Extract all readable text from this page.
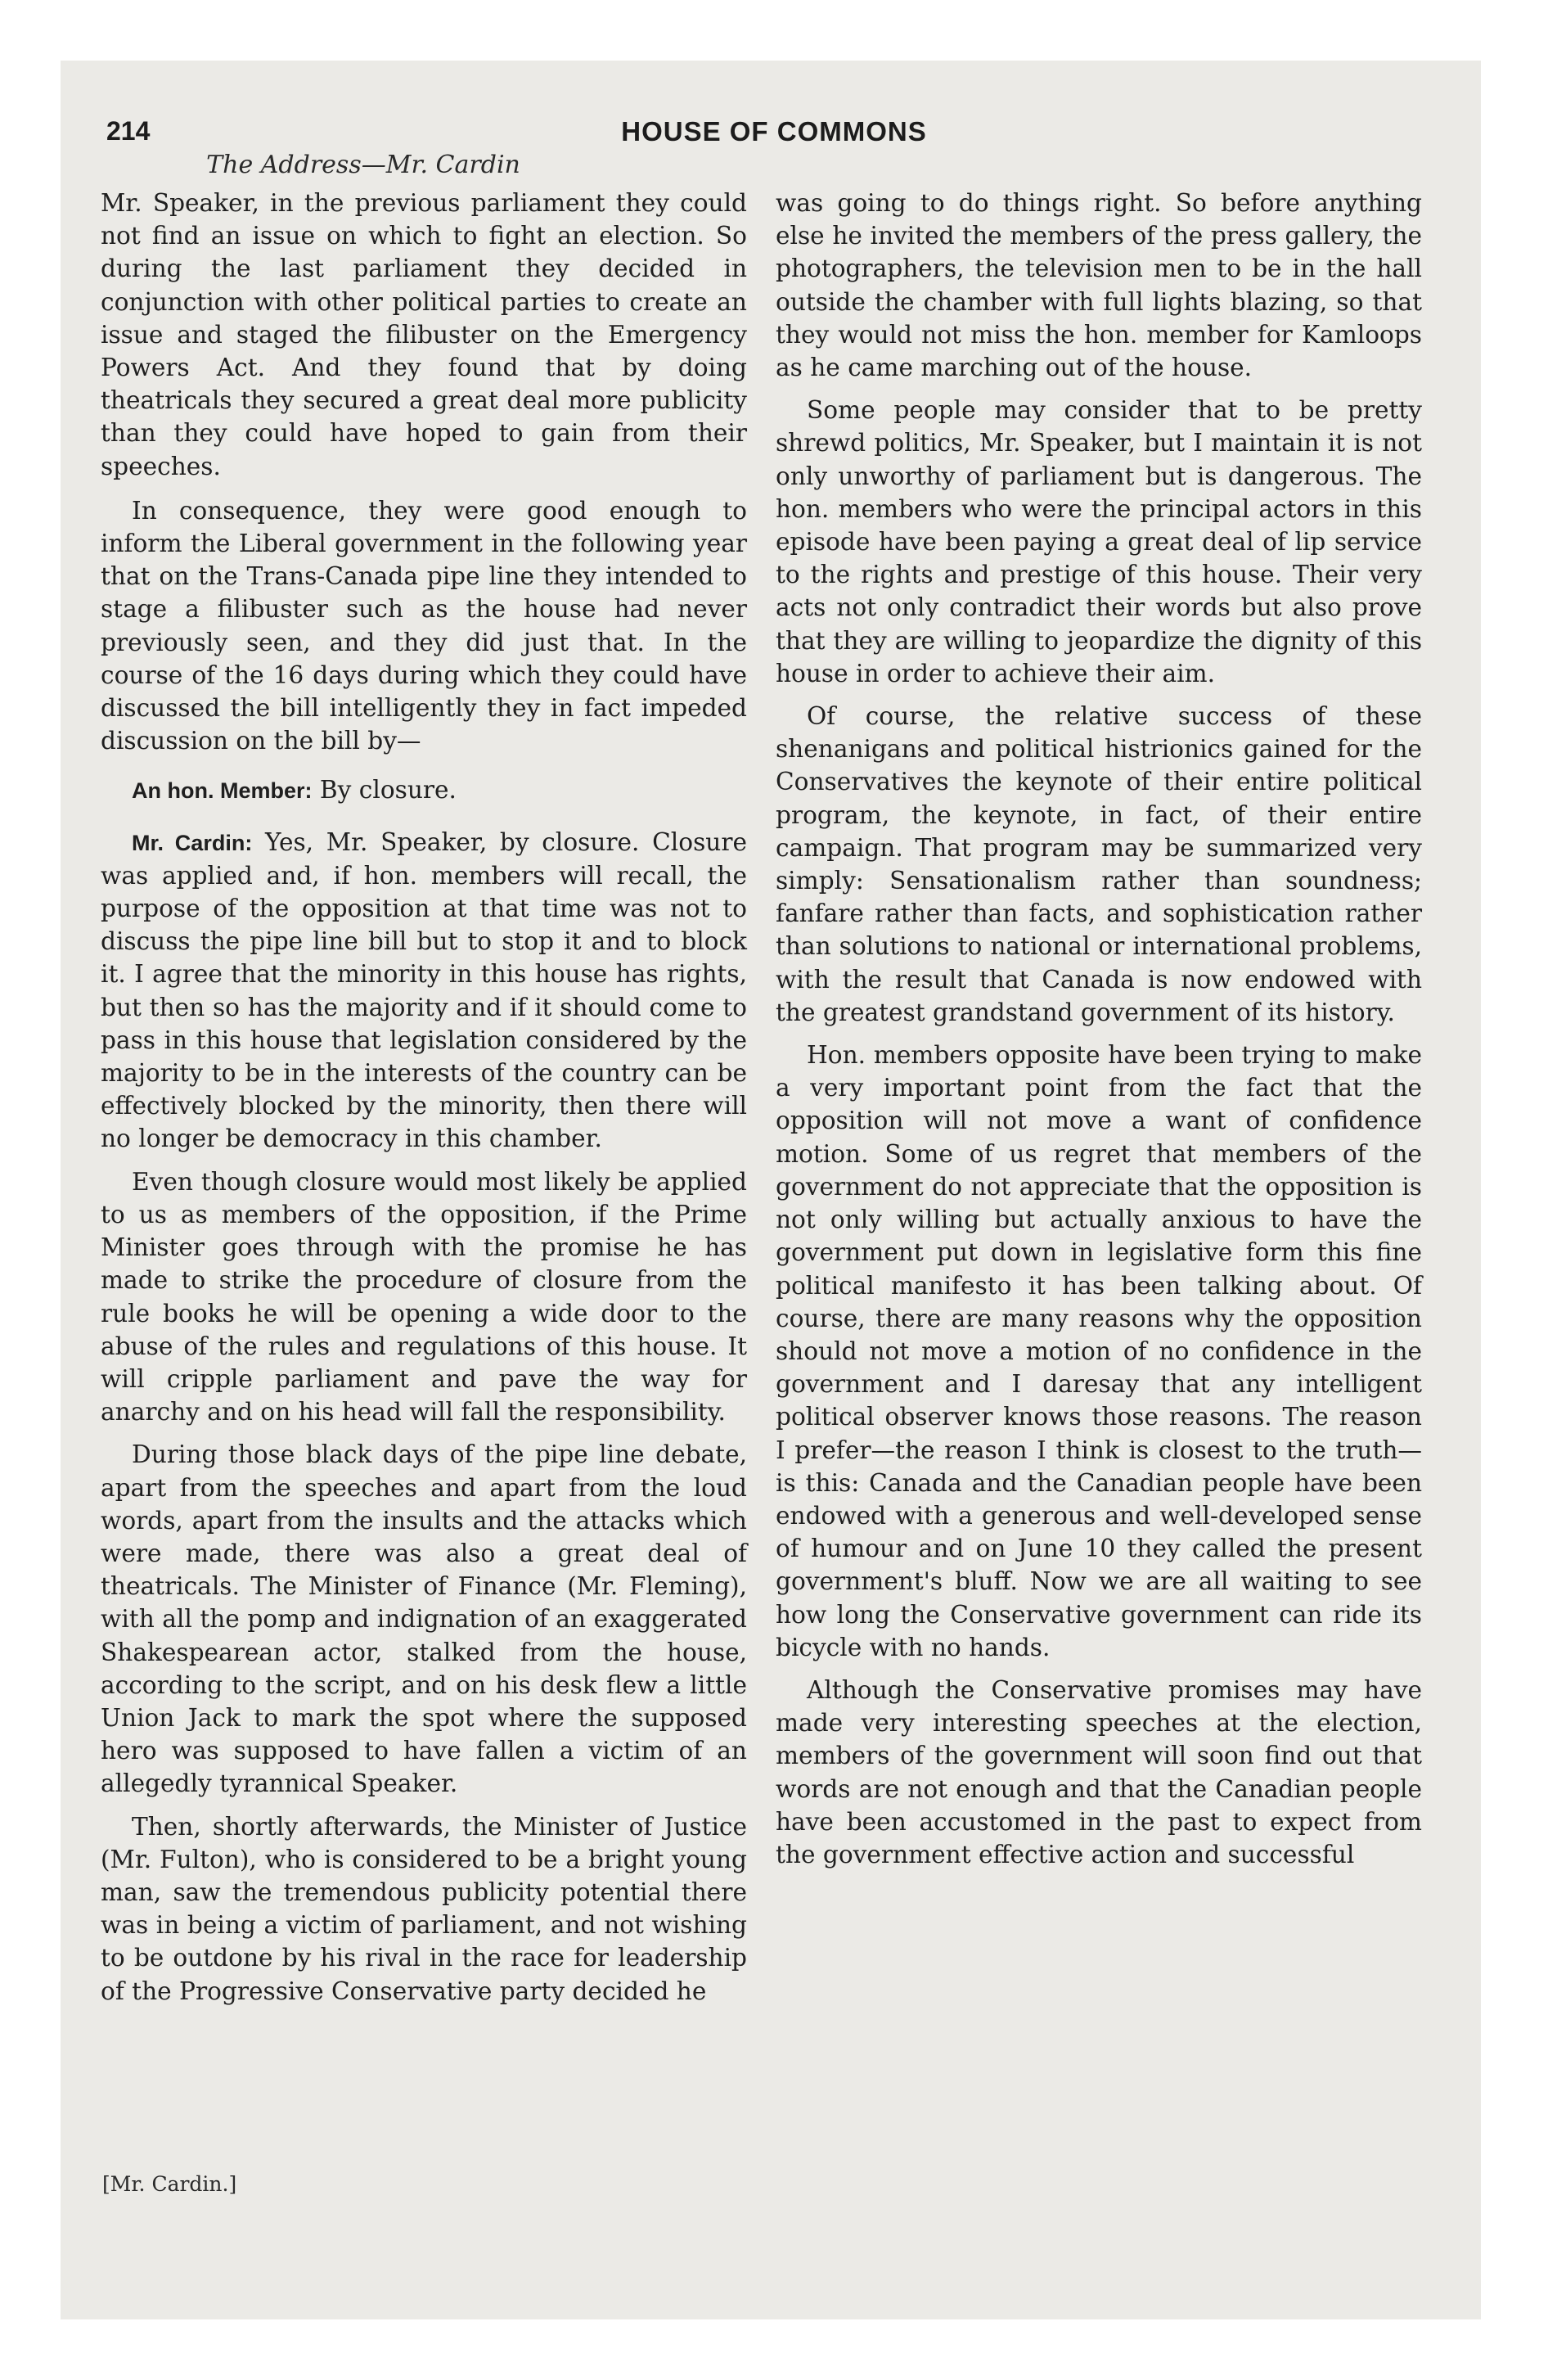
214	HOUSE OF COMMONS
The Address—Mr. Cardin

Mr. Speaker, in the previous parliament they could not find an issue on which to fight an election. So during the last parliament they decided in conjunction with other political parties to create an issue and staged the filibuster on the Emergency Powers Act. And they found that by doing theatricals they secured a great deal more publicity than they could have hoped to gain from their speeches.

In consequence, they were good enough to inform the Liberal government in the following year that on the Trans-Canada pipe line they intended to stage a filibuster such as the house had never previously seen, and they did just that. In the course of the 16 days during which they could have discussed the bill intelligently they in fact impeded discussion on the bill by—

An hon. Member: By closure.

Mr. Cardin: Yes, Mr. Speaker, by closure. Closure was applied and, if hon. members will recall, the purpose of the opposition at that time was not to discuss the pipe line bill but to stop it and to block it. I agree that the minority in this house has rights, but then so has the majority and if it should come to pass in this house that legislation considered by the majority to be in the interests of the country can be effectively blocked by the minority, then there will no longer be democracy in this chamber.

Even though closure would most likely be applied to us as members of the opposition, if the Prime Minister goes through with the promise he has made to strike the procedure of closure from the rule books he will be opening a wide door to the abuse of the rules and regulations of this house. It will cripple parliament and pave the way for anarchy and on his head will fall the responsibility.

During those black days of the pipe line debate, apart from the speeches and apart from the loud words, apart from the insults and the attacks which were made, there was also a great deal of theatricals. The Minister of Finance (Mr. Fleming), with all the pomp and indignation of an exaggerated Shakespearean actor, stalked from the house, according to the script, and on his desk flew a little Union Jack to mark the spot where the supposed hero was supposed to have fallen a victim of an allegedly tyrannical Speaker.

Then, shortly afterwards, the Minister of Justice (Mr. Fulton), who is considered to be a bright young man, saw the tremendous publicity potential there was in being a victim of parliament, and not wishing to be outdone by his rival in the race for leadership of the Progressive Conservative party decided he

was going to do things right. So before anything else he invited the members of the press gallery, the photographers, the television men to be in the hall outside the chamber with full lights blazing, so that they would not miss the hon. member for Kamloops as he came marching out of the house.

Some people may consider that to be pretty shrewd politics, Mr. Speaker, but I maintain it is not only unworthy of parliament but is dangerous. The hon. members who were the principal actors in this episode have been paying a great deal of lip service to the rights and prestige of this house. Their very acts not only contradict their words but also prove that they are willing to jeopardize the dignity of this house in order to achieve their aim.

Of course, the relative success of these shenanigans and political histrionics gained for the Conservatives the keynote of their entire political program, the keynote, in fact, of their entire campaign. That program may be summarized very simply: Sensationalism rather than soundness; fanfare rather than facts, and sophistication rather than solutions to national or international problems, with the result that Canada is now endowed with the greatest grandstand government of its history.

Hon. members opposite have been trying to make a very important point from the fact that the opposition will not move a want of confidence motion. Some of us regret that members of the government do not appreciate that the opposition is not only willing but actually anxious to have the government put down in legislative form this fine political manifesto it has been talking about. Of course, there are many reasons why the opposition should not move a motion of no confidence in the government and I daresay that any intelligent political observer knows those reasons. The reason I prefer—the reason I think is closest to the truth—is this: Canada and the Canadian people have been endowed with a generous and well-developed sense of humour and on June 10 they called the present government's bluff. Now we are all waiting to see how long the Conservative government can ride its bicycle with no hands.

Although the Conservative promises may have made very interesting speeches at the election, members of the government will soon find out that words are not enough and that the Canadian people have been accustomed in the past to expect from the government effective action and successful

[Mr. Cardin.]
